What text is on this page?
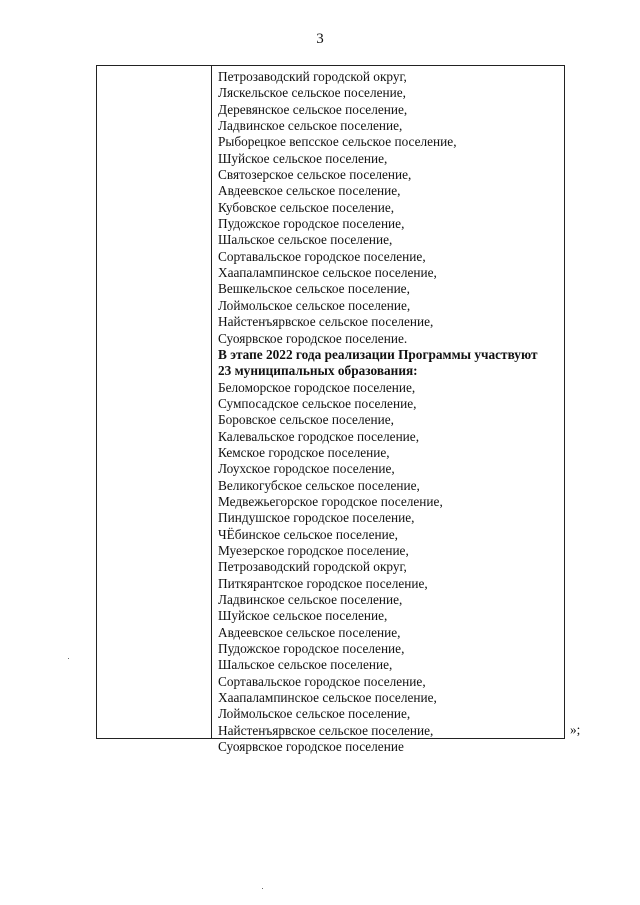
3
Петрозаводский городской округ,
Ляскельское сельское поселение,
Деревянское сельское поселение,
Ладвинское сельское поселение,
Рыборецкое вепсское сельское поселение,
Шуйское сельское поселение,
Святозерское сельское поселение,
Авдеевское сельское поселение,
Кубовское сельское поселение,
Пудожское городское поселение,
Шальское сельское поселение,
Сортавальское городское поселение,
Хаапалампинское сельское поселение,
Вешкельское сельское поселение,
Лоймольское сельское поселение,
Найстенъярвское сельское поселение,
Суоярвское городское поселение.
В этапе 2022 года реализации Программы участвуют
23 муниципальных образования:
Беломорское городское поселение,
Сумпосадское сельское поселение,
Боровское сельское поселение,
Калевальское городское поселение,
Кемское городское поселение,
Лоухское городское поселение,
Великогубское сельское поселение,
Медвежьегорское городское поселение,
Пиндушское городское поселение,
ЧЁбинское сельское поселение,
Муезерское городское поселение,
Петрозаводский городской округ,
Питкярантское городское поселение,
Ладвинское сельское поселение,
Шуйское сельское поселение,
Авдеевское сельское поселение,
Пудожское городское поселение,
Шальское сельское поселение,
Сортавальское городское поселение,
Хаапалампинское сельское поселение,
Лоймольское сельское поселение,
Найстенъярвское сельское поселение,
Суоярвское городское поселение
»;
